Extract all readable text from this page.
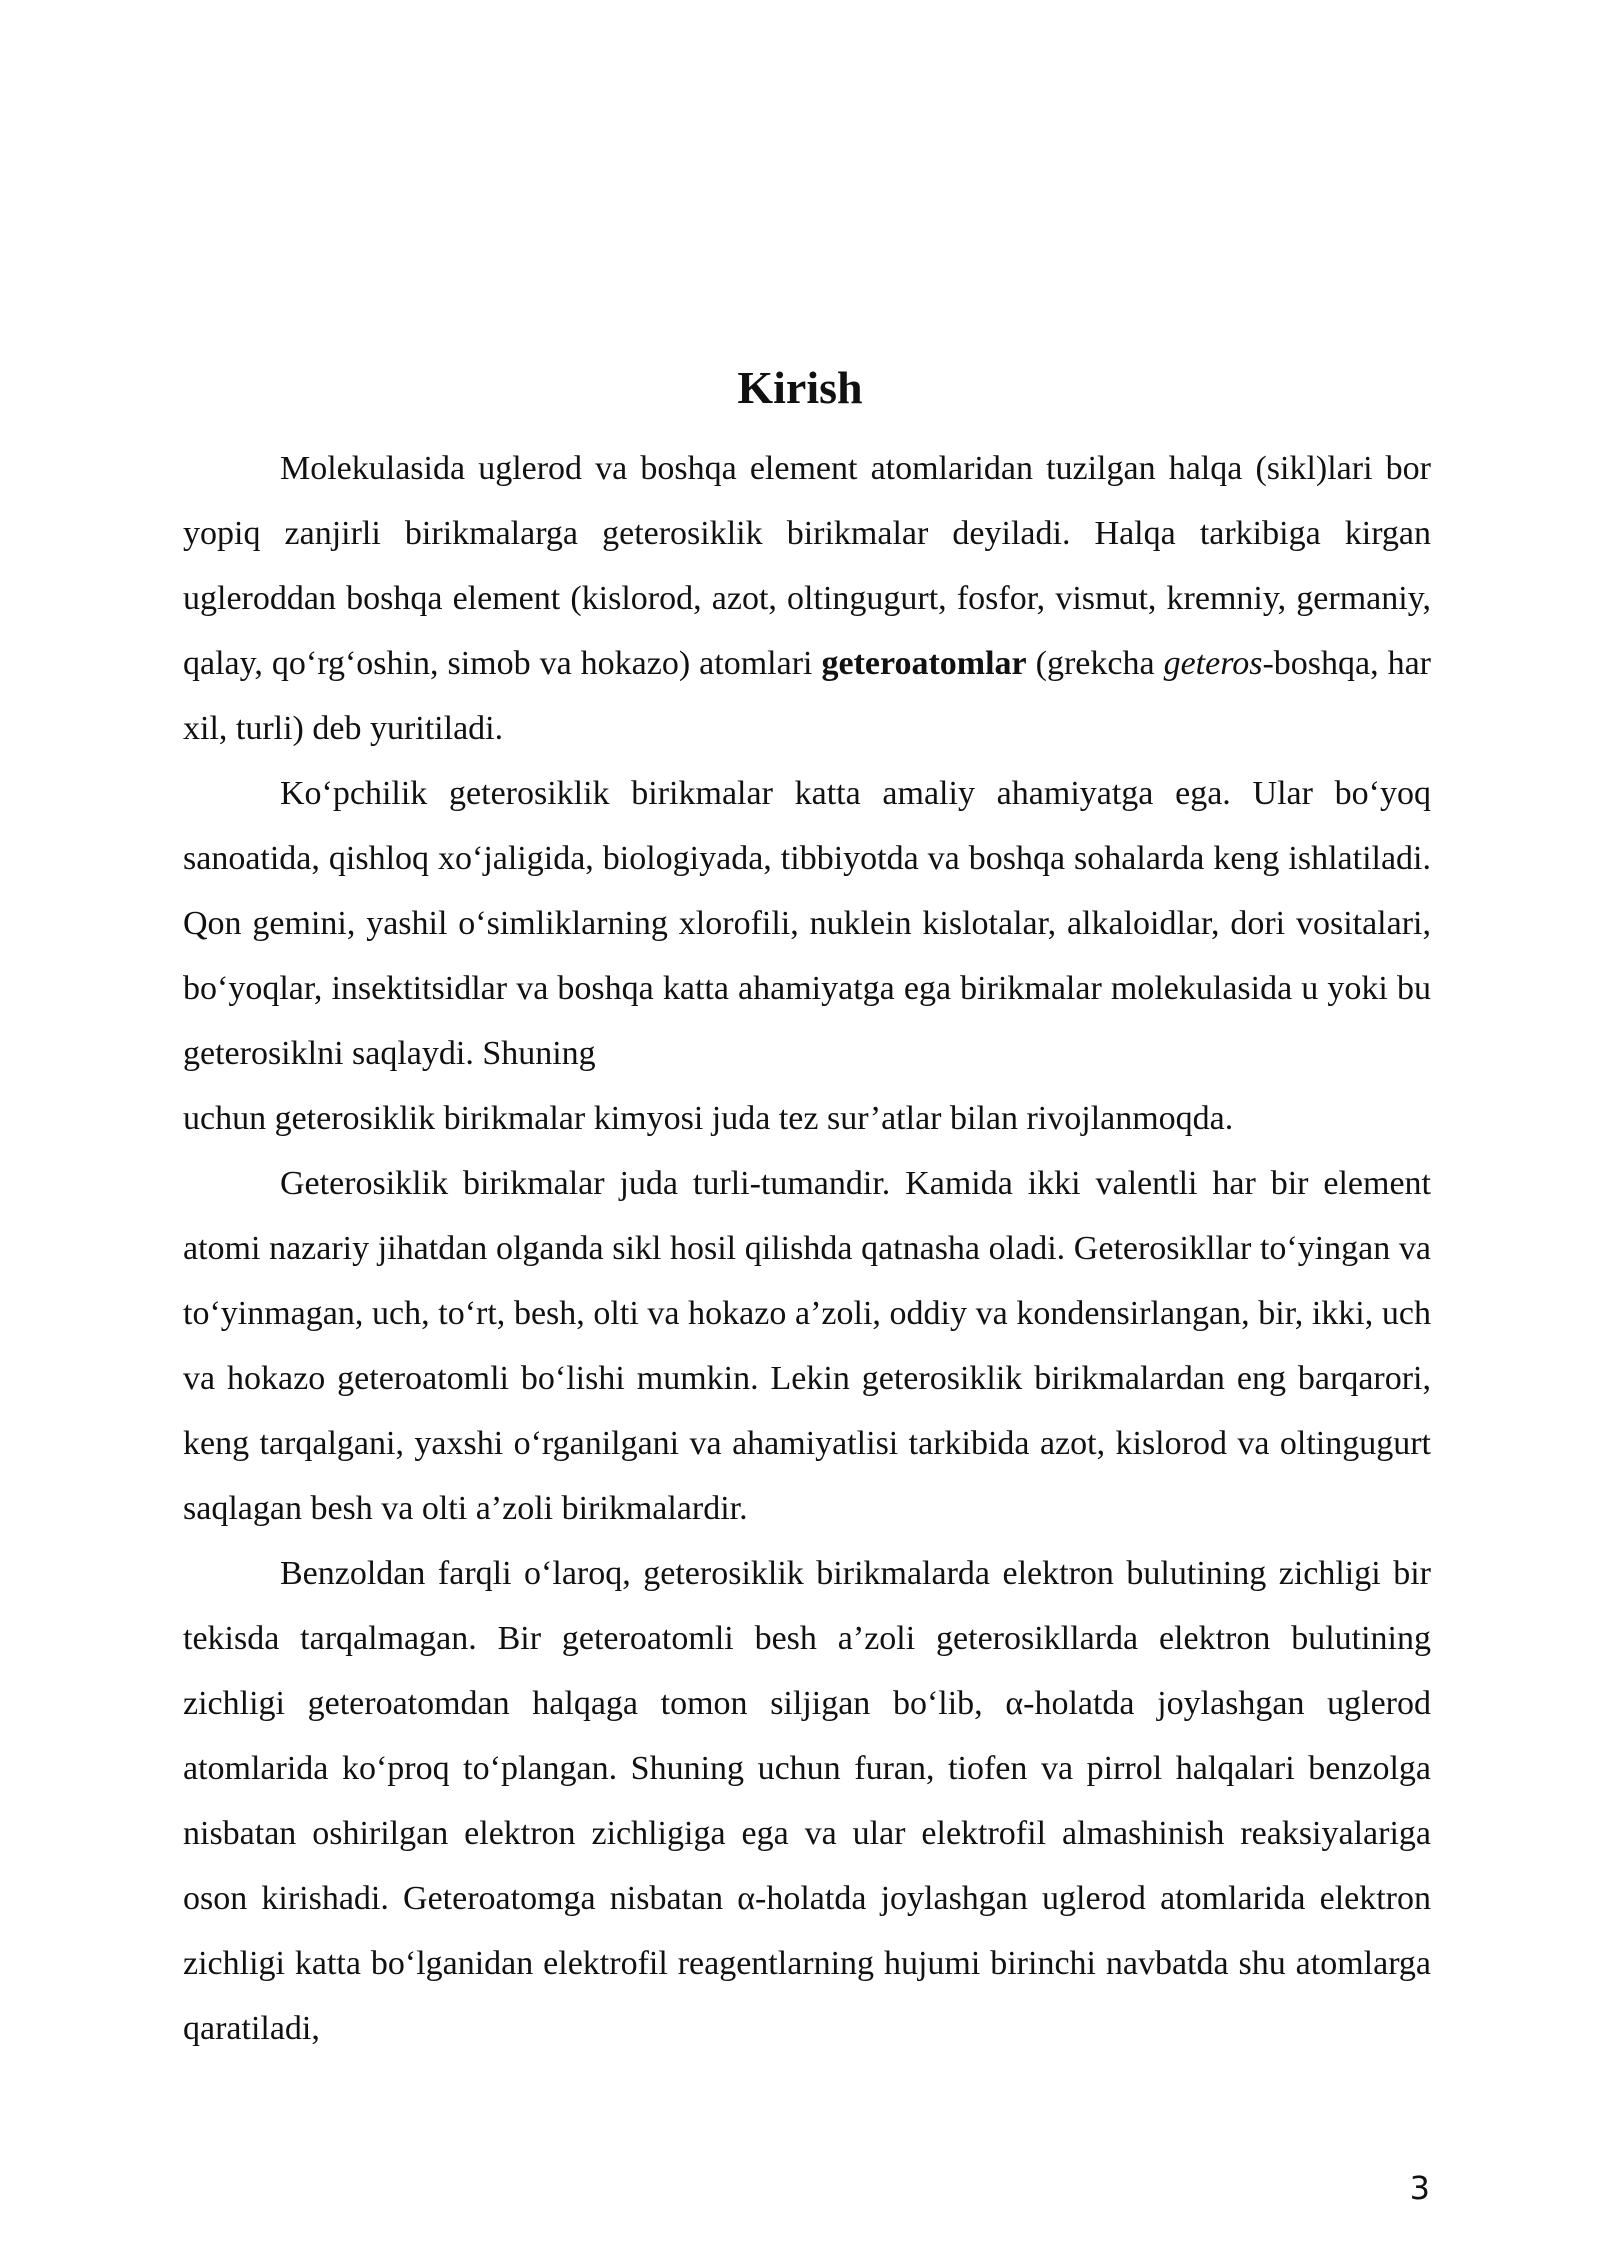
Kirish

Molekulasida uglerod va boshqa element atomlaridan tuzilgan halqa (sikl)lari bor yopiq zanjirli birikmalarga geterosiklik birikmalar deyiladi. Halqa tarkibiga kirgan ugleroddan boshqa element (kislorod, azot, oltingugurt, fosfor, vismut, kremniy, germaniy, qalay, qoʻrgʻoshin, simob va hokazo) atomlari geteroatomlar (grekcha geteros-boshqa, har xil, turli) deb yuritiladi.

Koʻpchilik geterosiklik birikmalar katta amaliy ahamiyatga ega. Ular boʻyoq sanoatida, qishloq xoʻjaligida, biologiyada, tibbiyotda va boshqa sohalarda keng ishlatiladi. Qon gemini, yashil oʻsimliklarning xlorofili, nuklein kislotalar, alkaloidlar, dori vositalari, boʻyoqlar, insektitsidlar va boshqa katta ahamiyatga ega birikmalar molekulasida u yoki bu geterosiklni saqlaydi. Shuning

uchun geterosiklik birikmalar kimyosi juda tez sur’atlar bilan rivojlanmoqda.

Geterosiklik birikmalar juda turli-tumandir. Kamida ikki valentli har bir element atomi nazariy jihatdan olganda sikl hosil qilishda qatnasha oladi. Geterosikllar toʻyingan va toʻyinmagan, uch, toʻrt, besh, olti va hokazo a’zoli, oddiy va kondensirlangan, bir, ikki, uch va hokazo geteroatomli boʻlishi mumkin. Lekin geterosiklik birikmalardan eng barqarori, keng tarqalgani, yaxshi oʻrganilgani va ahamiyatlisi tarkibida azot, kislorod va oltingugurt saqlagan besh va olti a’zoli birikmalardir.

Benzoldan farqli oʻlaroq, geterosiklik birikmalarda elektron bulutining zichligi bir tekisda tarqalmagan. Bir geteroatomli besh a’zoli geterosikllarda elektron bulutining zichligi geteroatomdan halqaga tomon siljigan boʻlib, α-holatda joylashgan uglerod atomlarida koʻproq toʻplangan. Shuning uchun furan, tiofen va pirrol halqalari benzolga nisbatan oshirilgan elektron zichligiga ega va ular elektrofil almashinish reaksiyalariga oson kirishadi. Geteroatomga nisbatan α-holatda joylashgan uglerod atomlarida elektron zichligi katta boʻlganidan elektrofil reagentlarning hujumi birinchi navbatda shu atomlarga qaratiladi,

3
